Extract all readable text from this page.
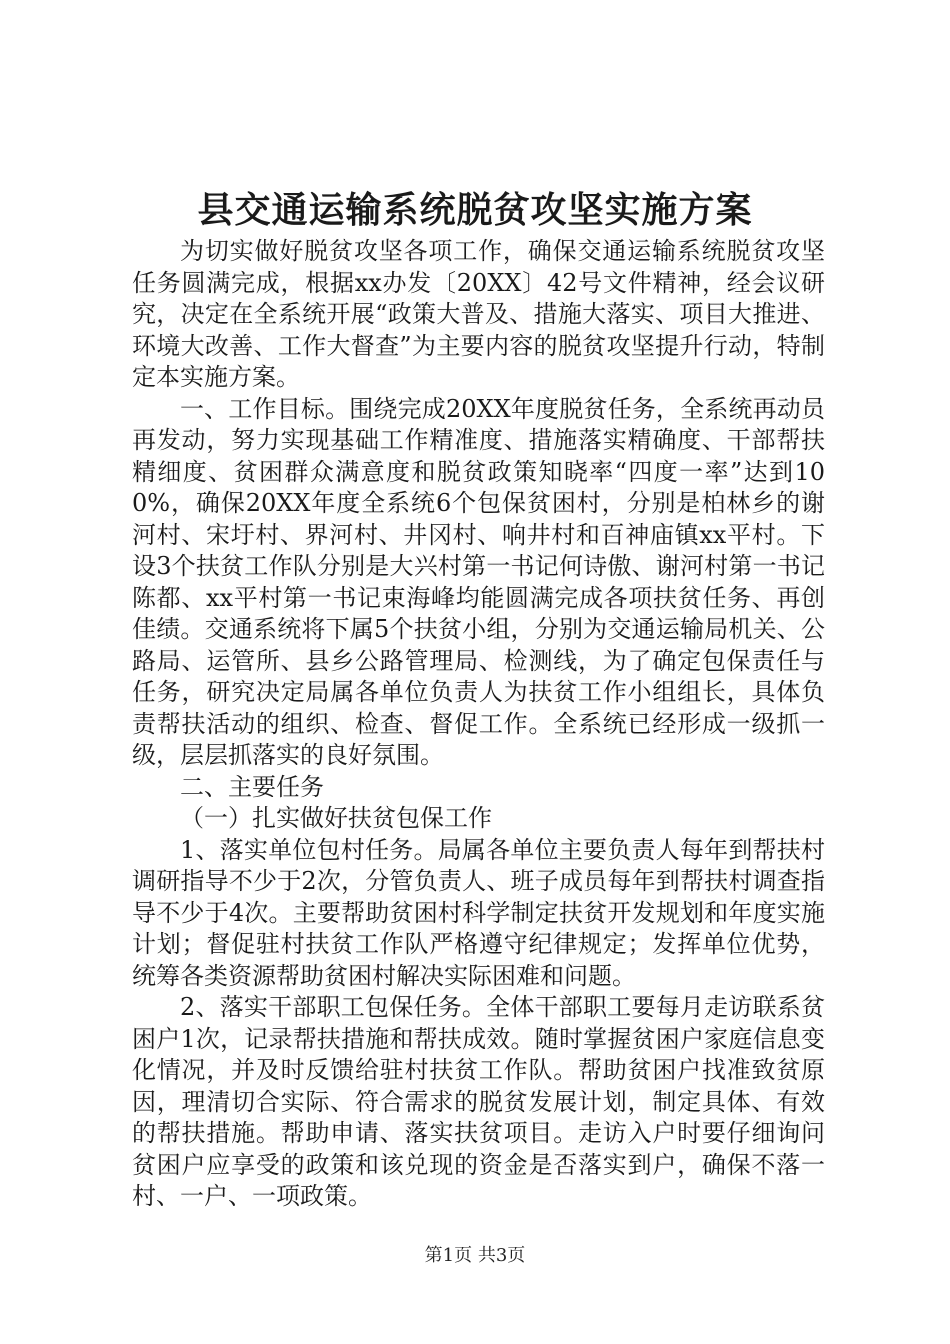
县交通运输系统脱贫攻坚实施方案

为切实做好脱贫攻坚各项工作，确保交通运输系统脱贫攻坚任务圆满完成，根据xx办发〔20XX〕42号文件精神，经会议研究，决定在全系统开展“政策大普及、措施大落实、项目大推进、环境大改善、工作大督查”为主要内容的脱贫攻坚提升行动，特制定本实施方案。

一、工作目标。围绕完成20XX年度脱贫任务，全系统再动员再发动，努力实现基础工作精准度、措施落实精确度、干部帮扶精细度、贫困群众满意度和脱贫政策知晓率“四度一率”达到100%，确保20XX年度全系统6个包保贫困村，分别是柏林乡的谢河村、宋圩村、界河村、井冈村、响井村和百神庙镇xx平村。下设3个扶贫工作队分别是大兴村第一书记何诗傲、谢河村第一书记陈都、xx平村第一书记束海峰均能圆满完成各项扶贫任务、再创佳绩。交通系统将下属5个扶贫小组，分别为交通运输局机关、公路局、运管所、县乡公路管理局、检测线，为了确定包保责任与任务，研究决定局属各单位负责人为扶贫工作小组组长，具体负责帮扶活动的组织、检查、督促工作。全系统已经形成一级抓一级，层层抓落实的良好氛围。

二、主要任务

（一）扎实做好扶贫包保工作

1、落实单位包村任务。局属各单位主要负责人每年到帮扶村调研指导不少于2次，分管负责人、班子成员每年到帮扶村调查指导不少于4次。主要帮助贫困村科学制定扶贫开发规划和年度实施计划；督促驻村扶贫工作队严格遵守纪律规定；发挥单位优势，统筹各类资源帮助贫困村解决实际困难和问题。

2、落实干部职工包保任务。全体干部职工要每月走访联系贫困户1次，记录帮扶措施和帮扶成效。随时掌握贫困户家庭信息变化情况，并及时反馈给驻村扶贫工作队。帮助贫困户找准致贫原因，理清切合实际、符合需求的脱贫发展计划，制定具体、有效的帮扶措施。帮助申请、落实扶贫项目。走访入户时要仔细询问贫困户应享受的政策和该兑现的资金是否落实到户，确保不落一村、一户、一项政策。

第1页 共3页
